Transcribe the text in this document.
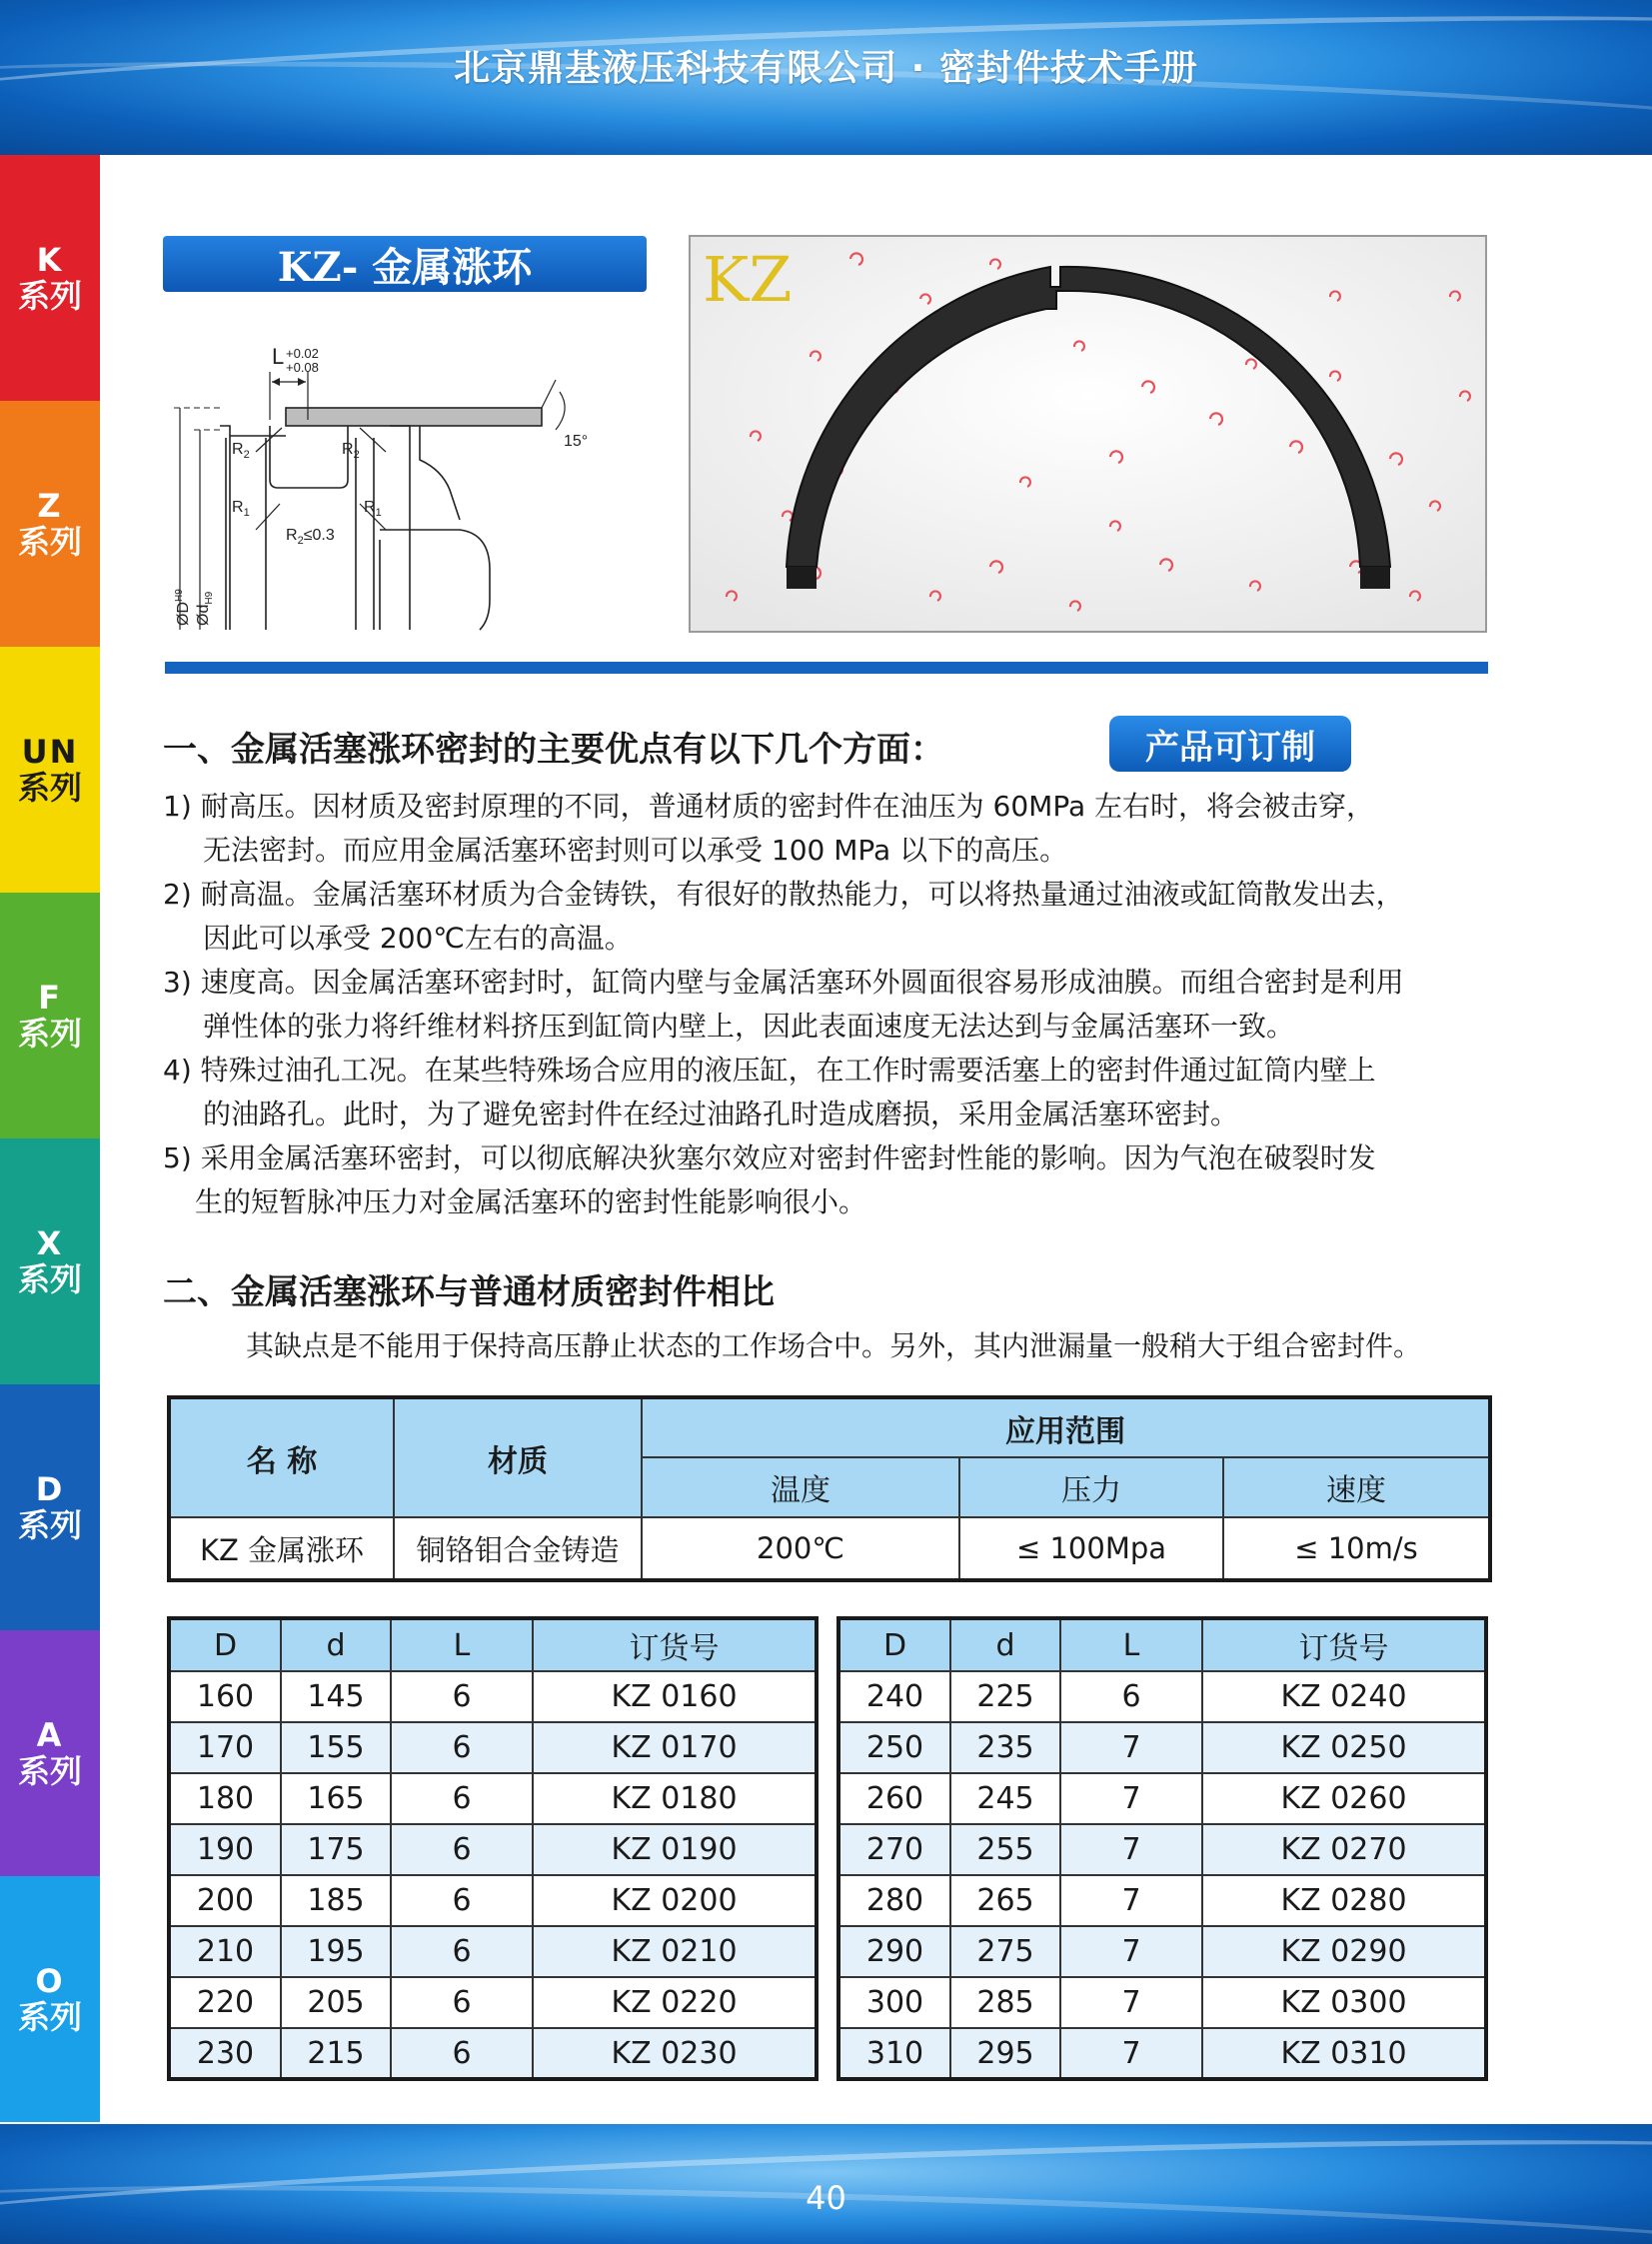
北京鼎基液压科技有限公司 · 密封件技术手册
K
系列
Z
系列
UN
系列
F
系列
X
系列
D
系列
A
系列
O
系列
KZ- 金属涨环
L +0.02
+0.08
15°
$R_2$
$R_2$
$R_1$	$R_1$
$R_2\le 0.3$
$ØD^{H9}$
$Ød_{H9}$
KZ
一、金属活塞涨环密封的主要优点有以下几个方面：	产品可订制
1) 耐高压。因材质及密封原理的不同，普通材质的密封件在油压为 60MPa 左右时，将会被击穿，
无法密封。而应用金属活塞环密封则可以承受 100 MPa 以下的高压。
2) 耐高温。金属活塞环材质为合金铸铁，有很好的散热能力，可以将热量通过油液或缸筒散发出去，
因此可以承受 200℃左右的高温。
3) 速度高。因金属活塞环密封时，缸筒内壁与金属活塞环外圆面很容易形成油膜。而组合密封是利用
弹性体的张力将纤维材料挤压到缸筒内壁上，因此表面速度无法达到与金属活塞环一致。
4) 特殊过油孔工况。在某些特殊场合应用的液压缸，在工作时需要活塞上的密封件通过缸筒内壁上
的油路孔。此时，为了避免密封件在经过油路孔时造成磨损，采用金属活塞环密封。
5) 采用金属活塞环密封，可以彻底解决狄塞尔效应对密封件密封性能的影响。因为气泡在破裂时发
生的短暂脉冲压力对金属活塞环的密封性能影响很小。
二、金属活塞涨环与普通材质密封件相比
其缺点是不能用于保持高压静止状态的工作场合中。另外，其内泄漏量一般稍大于组合密封件。
名 称	材质	应用范围		
		温度	压力	速度
KZ 金属涨环	铜铬钼合金铸造	200℃	≤ 100Mpa	≤ 10m/s
D	d	L	订货号
160	145	6	KZ 0160
170	155	6	KZ 0170
180	165	6	KZ 0180
190	175	6	KZ 0190
200	185	6	KZ 0200
210	195	6	KZ 0210
220	205	6	KZ 0220
230	215	6	KZ 0230
D	d	L	订货号
240	225	6	KZ 0240
250	235	7	KZ 0250
260	245	7	KZ 0260
270	255	7	KZ 0270
280	265	7	KZ 0280
290	275	7	KZ 0290
300	285	7	KZ 0300
310	295	7	KZ 0310
40
